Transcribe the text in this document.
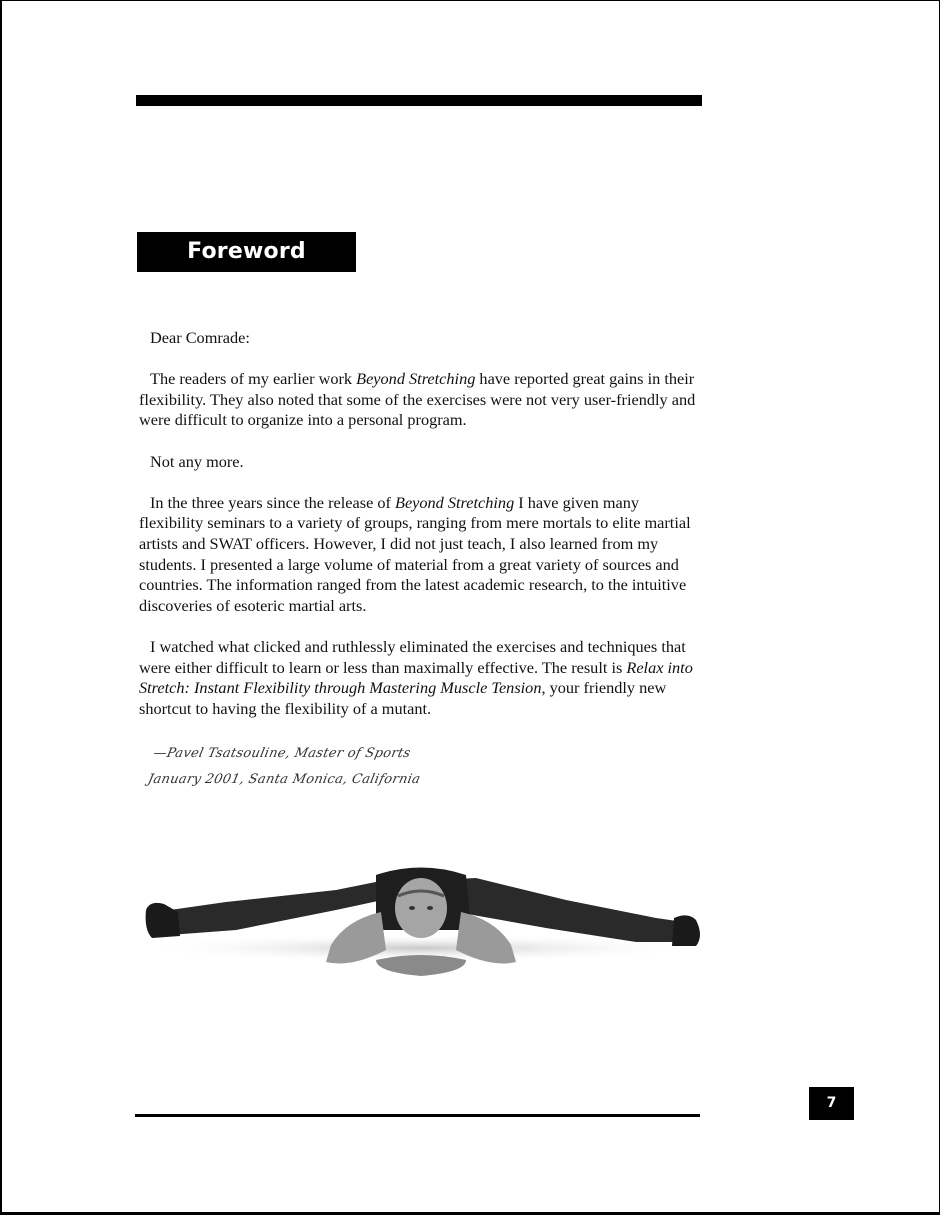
Foreword

Dear Comrade:

The readers of my earlier work Beyond Stretching have reported great gains in their flexibility. They also noted that some of the exercises were not very user-friendly and were difficult to organize into a personal program.

Not any more.

In the three years since the release of Beyond Stretching I have given many flexibility seminars to a variety of groups, ranging from mere mortals to elite martial artists and SWAT officers. However, I did not just teach, I also learned from my students. I presented a large volume of material from a great variety of sources and countries. The information ranged from the latest academic research, to the intuitive discoveries of esoteric martial arts.

I watched what clicked and ruthlessly eliminated the exercises and techniques that were either difficult to learn or less than maximally effective. The result is Relax into Stretch: Instant Flexibility through Mastering Muscle Tension, your friendly new shortcut to having the flexibility of a mutant.

—Pavel Tsatsouline, Master of Sports
January 2001, Santa Monica, California
7
